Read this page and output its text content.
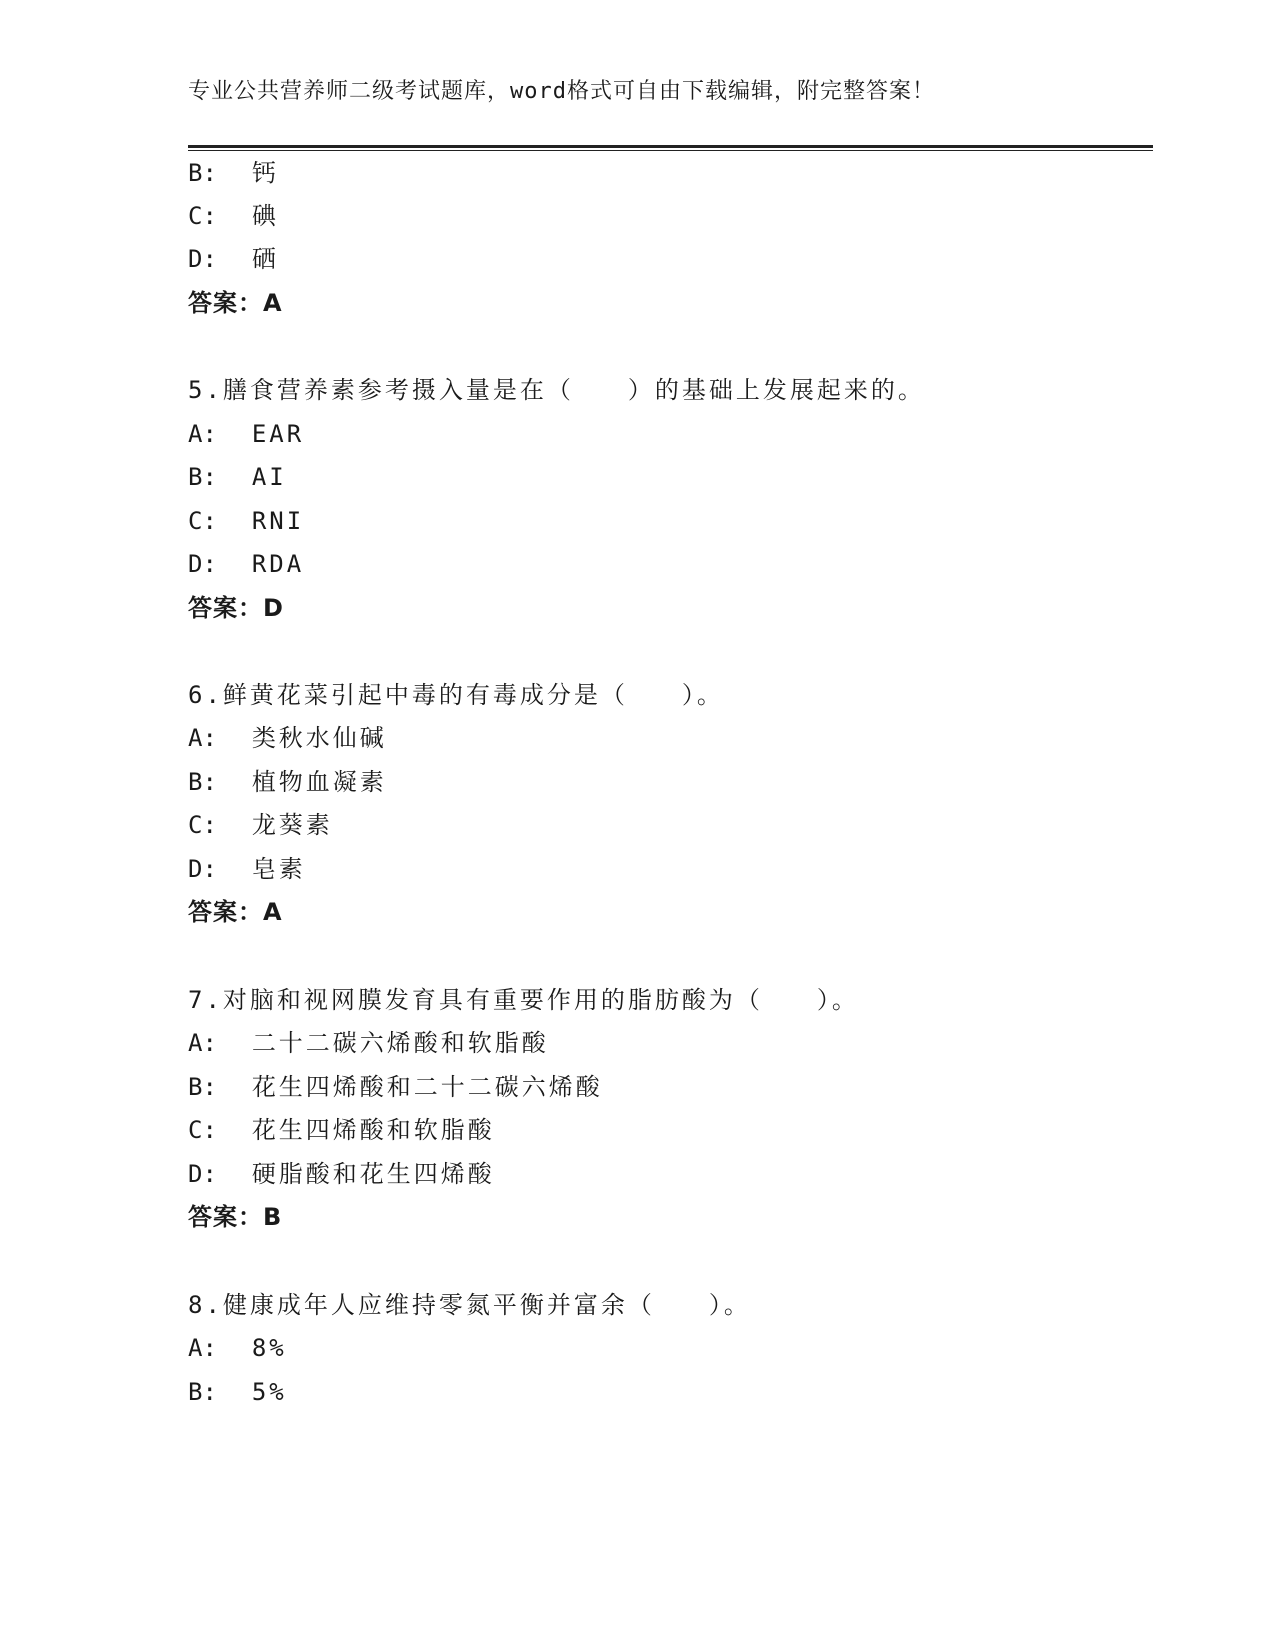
专业公共营养师二级考试题库，word格式可自由下载编辑，附完整答案！
B: 钙
C: 碘
D: 硒
答案：A
5.膳食营养素参考摄入量是在（　　）的基础上发展起来的。
A: EAR
B: AI
C: RNI
D: RDA
答案：D
6.鲜黄花菜引起中毒的有毒成分是（　　）。
A: 类秋水仙碱
B: 植物血凝素
C: 龙葵素
D: 皂素
答案：A
7.对脑和视网膜发育具有重要作用的脂肪酸为（　　）。
A: 二十二碳六烯酸和软脂酸
B: 花生四烯酸和二十二碳六烯酸
C: 花生四烯酸和软脂酸
D: 硬脂酸和花生四烯酸
答案：B
8.健康成年人应维持零氮平衡并富余（　　）。
A: 8%
B: 5%
